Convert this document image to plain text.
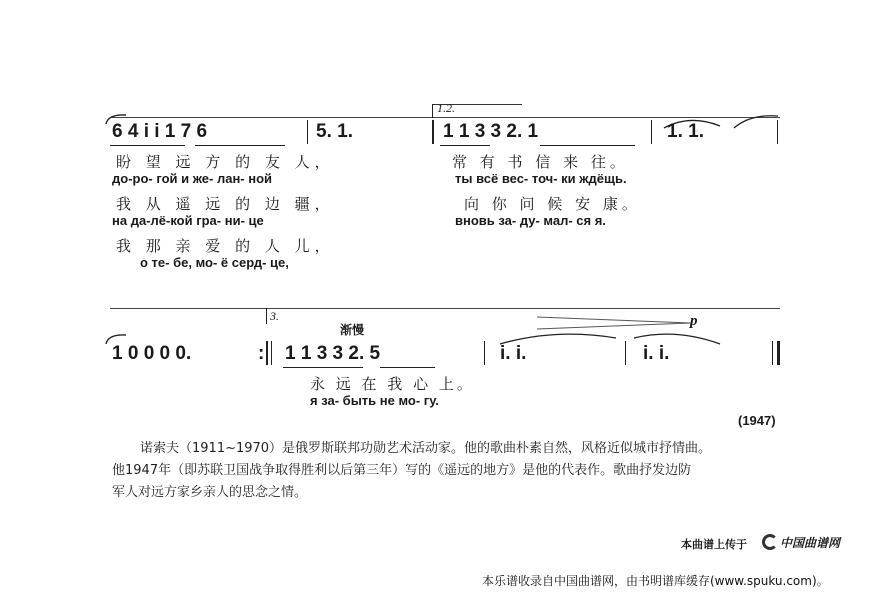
1.2.
6 4 i i 1 7 6	5. 1.	1 1 3 3 2. 1	1. 1.
盼 望 远 方 的 友 人，	常 有 书 信 来 往。
до-ро- гой и же- лан- ной	ты всё вес- точ- ки ждёщь.
我 从 遥 远 的 边 疆，	向 你 问 候 安 康。
на да-лё-кой гра- ни- це	вновь за- ду- мал- ся я.
我 那 亲 爱 的 人 儿，
о те- бе, мо- ё серд- це,
3.
渐慢
p
1 0 0 0 0.	: 1 1 3 3 2. 5	i. i.	i. i.
永 远 在 我 心 上。
я за- быть не мо- гу.
(1947)
诺索夫（1911~1970）是俄罗斯联邦功勋艺术活动家。他的歌曲朴素自然，风格近似城市抒情曲。
他1947年（即苏联卫国战争取得胜利以后第三年）写的《遥远的地方》是他的代表作。歌曲抒发边防
军人对远方家乡亲人的思念之情。
本曲谱上传于	中国曲谱网
本乐谱收录自中国曲谱网，由书明谱库缓存(www.spuku.com)。
